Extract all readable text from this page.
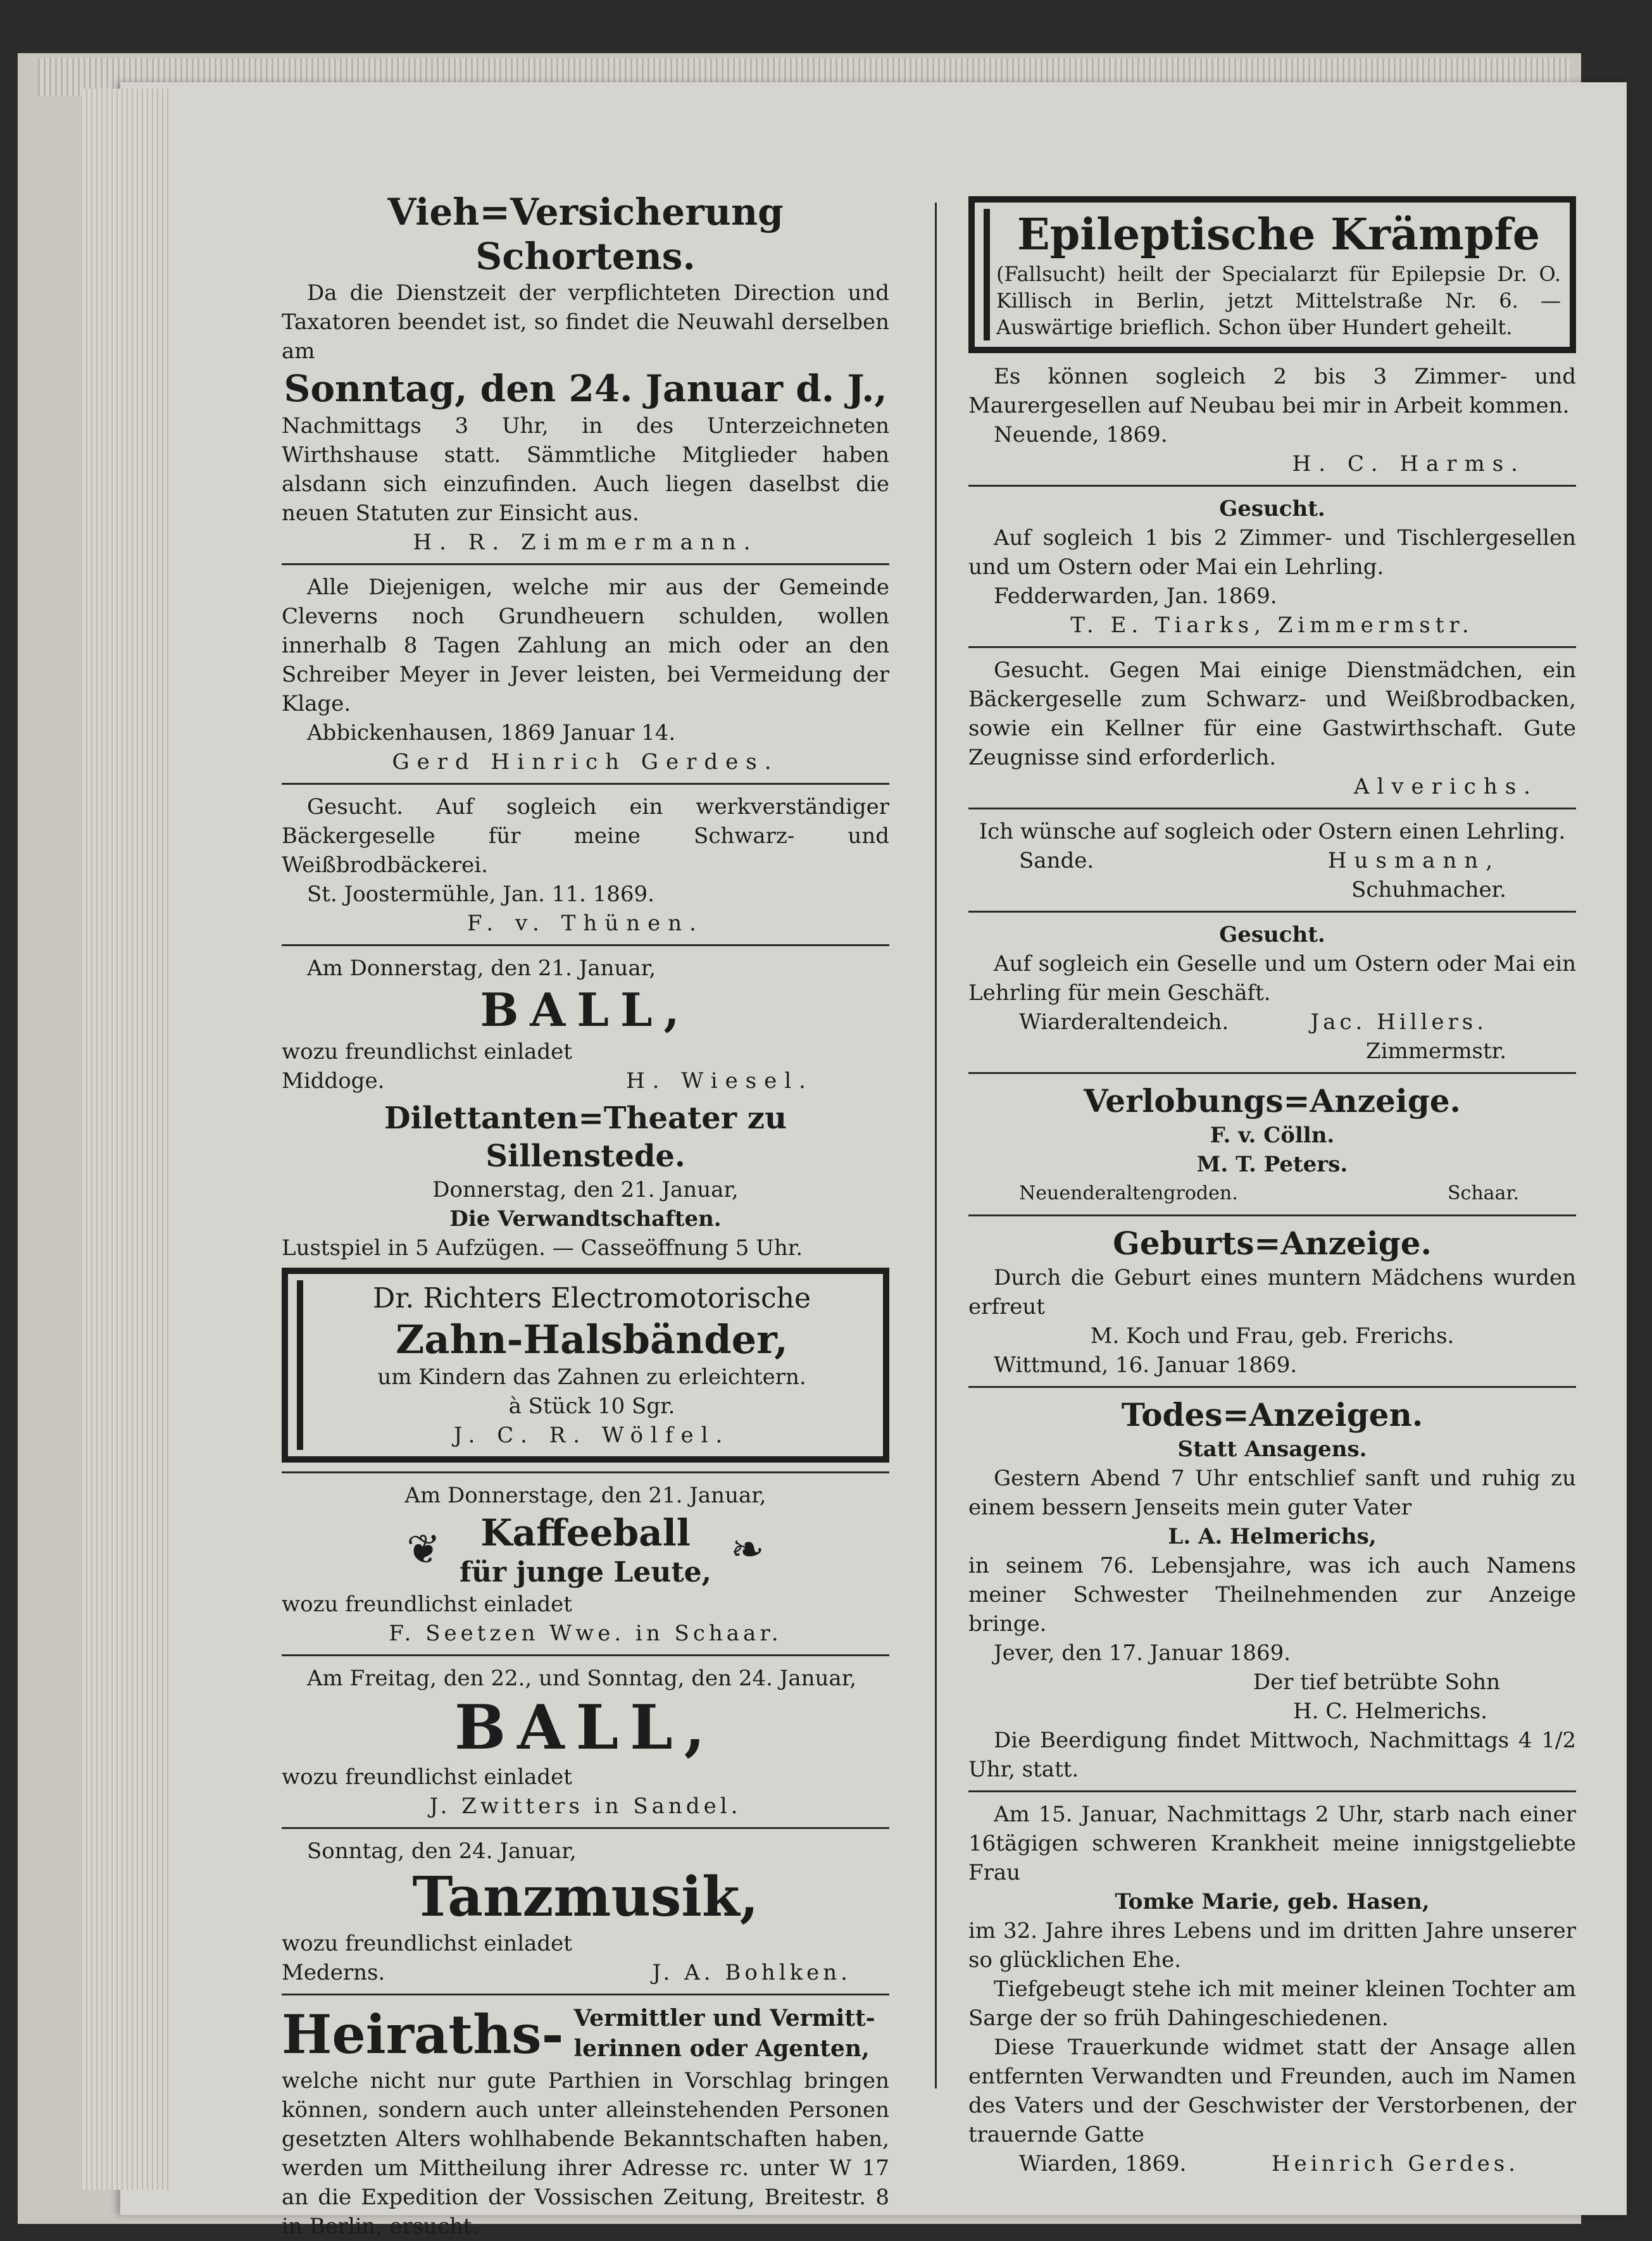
Vieh=Versicherung Schortens.

Da die Dienstzeit der verpflichteten Direction und Taxatoren beendet ist, so findet die Neuwahl derselben am

Sonntag, den 24. Januar d. J.,

Nachmittags 3 Uhr, in des Unterzeichneten Wirthshause statt. Sämmtliche Mitglieder haben alsdann sich einzufinden. Auch liegen daselbst die neuen Statuten zur Einsicht aus.

H. R. Zimmermann.

Alle Diejenigen, welche mir aus der Gemeinde Cleverns noch Grundheuern schulden, wollen innerhalb 8 Tagen Zahlung an mich oder an den Schreiber Meyer in Jever leisten, bei Vermeidung der Klage.

Abbickenhausen, 1869 Januar 14.

Gerd Hinrich Gerdes.

Gesucht. Auf sogleich ein werkverständiger Bäckergeselle für meine Schwarz- und Weißbrodbäckerei.

St. Joostermühle, Jan. 11. 1869.

F. v. Thünen.

Am Donnerstag, den 21. Januar,

BALL,

wozu freundlichst einladet

Middoge.	H. Wiesel.
Dilettanten=Theater zu Sillenstede.

Donnerstag, den 21. Januar,

Die Verwandtschaften.

Lustspiel in 5 Aufzügen. — Casseöffnung 5 Uhr.

Dr. Richters Electromotorische

Zahn-Halsbänder,

um Kindern das Zahnen zu erleichtern.

à Stück 10 Sgr.

J. C. R. Wölfel.

Am Donnerstage, den 21. Januar,

❦	Kaffeeball
für junge Leute, ❧

wozu freundlichst einladet

F. Seetzen Wwe. in Schaar.

Am Freitag, den 22., und Sonntag, den 24. Januar,

BALL,

wozu freundlichst einladet

J. Zwitters in Sandel.

Sonntag, den 24. Januar,

Tanzmusik,

wozu freundlichst einladet

Mederns.	J. A. Bohlken.
Heiraths- Vermittler und Vermitt-
lerinnen oder Agenten,

welche nicht nur gute Parthien in Vorschlag bringen können, sondern auch unter alleinstehenden Personen gesetzten Alters wohlhabende Bekanntschaften haben, werden um Mittheilung ihrer Adresse rc. unter W 17 an die Expedition der Vossischen Zeitung, Breitestr. 8 in Berlin, ersucht.

Epileptische Krämpfe

(Fallsucht) heilt der Specialarzt für Epilepsie Dr. O. Killisch in Berlin, jetzt Mittelstraße Nr. 6. — Auswärtige brieflich. Schon über Hundert geheilt.

Es können sogleich 2 bis 3 Zimmer- und Maurergesellen auf Neubau bei mir in Arbeit kommen.

Neuende, 1869.

H. C. Harms.

Gesucht.

Auf sogleich 1 bis 2 Zimmer- und Tischlergesellen und um Ostern oder Mai ein Lehrling.

Fedderwarden, Jan. 1869.

T. E. Tiarks, Zimmermstr.

Gesucht. Gegen Mai einige Dienstmädchen, ein Bäckergeselle zum Schwarz- und Weißbrodbacken, sowie ein Kellner für eine Gastwirthschaft. Gute Zeugnisse sind erforderlich.

Alverichs.

Ich wünsche auf sogleich oder Ostern einen Lehrling.

Sande.	Husmann,

Schuhmacher.

Gesucht.

Auf sogleich ein Geselle und um Ostern oder Mai ein Lehrling für mein Geschäft.

Wiarderaltendeich.	Jac. Hillers.

Zimmermstr.

Verlobungs=Anzeige.

F. v. Cölln.

M. T. Peters.

Neuenderaltengroden.	Schaar.
Geburts=Anzeige.

Durch die Geburt eines muntern Mädchens wurden erfreut

M. Koch und Frau, geb. Frerichs.

Wittmund, 16. Januar 1869.

Todes=Anzeigen.

Statt Ansagens.

Gestern Abend 7 Uhr entschlief sanft und ruhig zu einem bessern Jenseits mein guter Vater

L. A. Helmerichs,

in seinem 76. Lebensjahre, was ich auch Namens meiner Schwester Theilnehmenden zur Anzeige bringe.

Jever, den 17. Januar 1869.

Der tief betrübte Sohn

H. C. Helmerichs.

Die Beerdigung findet Mittwoch, Nachmittags 4 1/2 Uhr, statt.

Am 15. Januar, Nachmittags 2 Uhr, starb nach einer 16tägigen schweren Krankheit meine innigstgeliebte Frau

Tomke Marie, geb. Hasen,

im 32. Jahre ihres Lebens und im dritten Jahre unserer so glücklichen Ehe.

Tiefgebeugt stehe ich mit meiner kleinen Tochter am Sarge der so früh Dahingeschiedenen.

Diese Trauerkunde widmet statt der Ansage allen entfernten Verwandten und Freunden, auch im Namen des Vaters und der Geschwister der Verstorbenen, der trauernde Gatte

Wiarden, 1869.	Heinrich Gerdes.
